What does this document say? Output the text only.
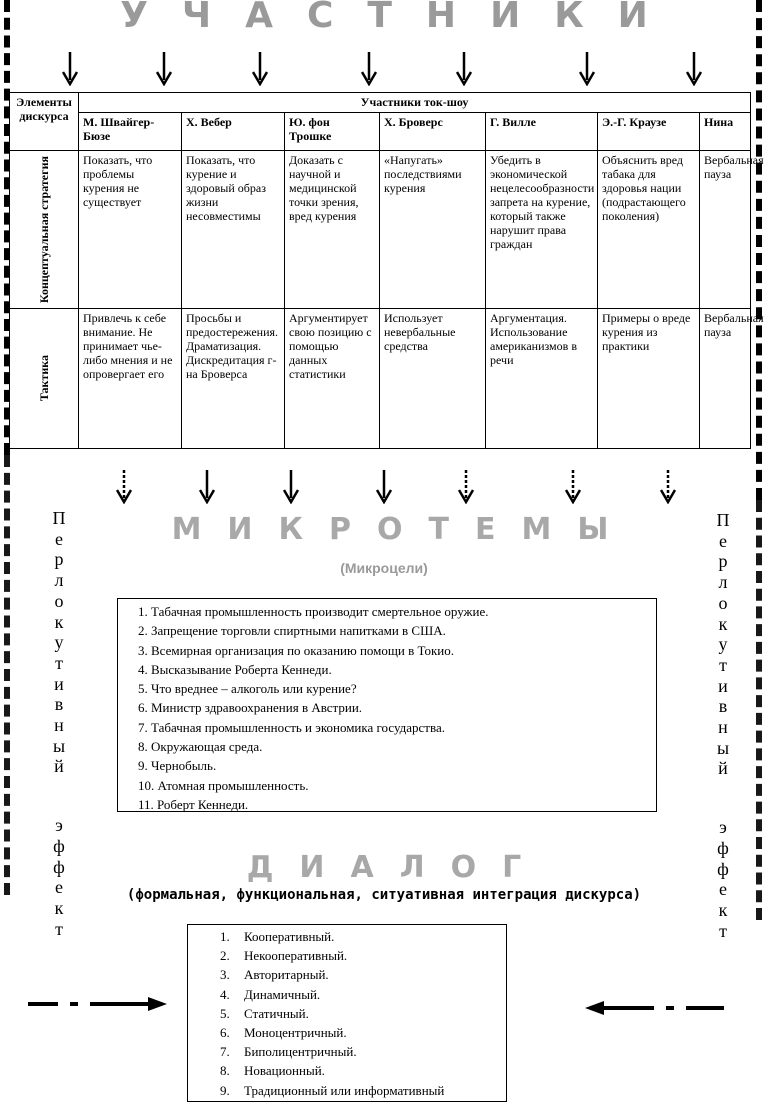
УЧАСТНИКИ
Элементы дискурса	Участники ток-шоу						
	М. Швайгер-Бюзе	Х. Вебер	Ю. фон Трошке	Х. Броверс	Г. Вилле	Э.-Г. Краузе	Нина

Концептуальная стратегия	Показать, что проблемы курения не существует	Показать, что курение и здоровый образ жизни несовместимы	Доказать с научной и медицинской точки зрения, вред курения	«Напугать» последствиями курения	Убедить в экономической нецелесообразности запрета на курение, который также нарушит права граждан	Объяснить вред табака для здоровья нации (подрастающего поколения)	Вербальная пауза

Тактика	Привлечь к себе внимание. Не принимает чье-либо мнения и не опровергает его	Просьбы и предостережения. Драматизация. Дискредитация г-на Броверса	Аргументирует свою позицию с помощью данных статистики	Использует невербальные средства	Аргументация. Использование американизмов в речи	Примеры о вреде курения из практики	Вербальная пауза
МИКРОТЕМЫ
(Микроцели)
1. Табачная промышленность производит смертельное оружие.
2. Запрещение торговли спиртными напитками в США.
3. Всемирная организация по оказанию помощи в Токио.
4. Высказывание Роберта Кеннеди.
5. Что вреднее – алкоголь или курение?
6. Министр здравоохранения в Австрии.
7. Табачная промышленность и экономика государства.
8. Окружающая среда.
9. Чернобыль.
10. Атомная промышленность.
11. Роберт Кеннеди.
П
е
р
л
о
к
у
т
и
в
н
ы
й

э
ф
ф
е
к
т
П
е
р
л
о
к
у
т
и
в
н
ы
й

э
ф
ф
е
к
т
ДИАЛОГ
(формальная, функциональная, ситуативная интеграция дискурса)
1. Кооперативный.
2. Некооперативный.
3. Авторитарный.
4. Динамичный.
5. Статичный.
6. Моноцентричный.
7. Биполицентричный.
8. Новационный.
9. Традиционный или информативный
